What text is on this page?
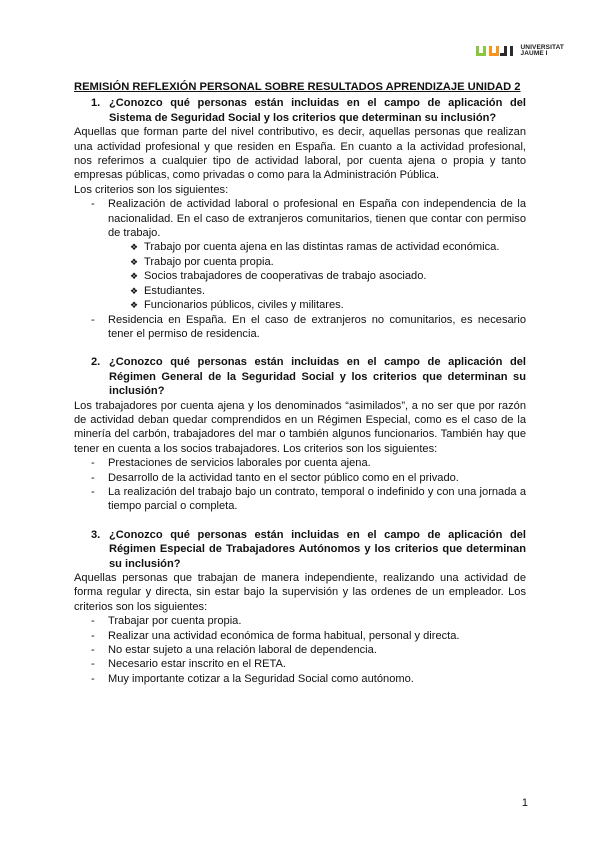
UNIVERSITAT
JAUME I
REMISIÓN REFLEXIÓN PERSONAL SOBRE RESULTADOS APRENDIZAJE UNIDAD 2
1. ¿Conozco qué personas están incluidas en el campo de aplicación del Sistema de Seguridad Social y los criterios que determinan su inclusión?

Aquellas que forman parte del nivel contributivo, es decir, aquellas personas que realizan una actividad profesional y que residen en España. En cuanto a la actividad profesional, nos referimos a cualquier tipo de actividad laboral, por cuenta ajena o propia y tanto empresas públicas, como privadas o como para la Administración Pública.

Los criterios son los siguientes:

-	Realización de actividad laboral o profesional en España con independencia de la nacionalidad. En el caso de extranjeros comunitarios, tienen que contar con permiso de trabajo.
❖ Trabajo por cuenta ajena en las distintas ramas de actividad económica.
❖ Trabajo por cuenta propia.
❖ Socios trabajadores de cooperativas de trabajo asociado.
❖ Estudiantes.
❖ Funcionarios públicos, civiles y militares.
-	Residencia en España. En el caso de extranjeros no comunitarios, es necesario tener el permiso de residencia.
2. ¿Conozco qué personas están incluidas en el campo de aplicación del Régimen General de la Seguridad Social y los criterios que determinan su inclusión?

Los trabajadores por cuenta ajena y los denominados “asimilados”, a no ser que por razón de actividad deban quedar comprendidos en un Régimen Especial, como es el caso de la minería del carbón, trabajadores del mar o también algunos funcionarios. También hay que tener en cuenta a los socios trabajadores. Los criterios son los siguientes:

-	Prestaciones de servicios laborales por cuenta ajena.
-	Desarrollo de la actividad tanto en el sector público como en el privado.
-	La realización del trabajo bajo un contrato, temporal o indefinido y con una jornada a tiempo parcial o completa.
3. ¿Conozco qué personas están incluidas en el campo de aplicación del Régimen Especial de Trabajadores Autónomos y los criterios que determinan su inclusión?

Aquellas personas que trabajan de manera independiente, realizando una actividad de forma regular y directa, sin estar bajo la supervisión y las ordenes de un empleador. Los criterios son los siguientes:

-	Trabajar por cuenta propia.
-	Realizar una actividad económica de forma habitual, personal y directa.
-	No estar sujeto a una relación laboral de dependencia.
-	Necesario estar inscrito en el RETA.
-	Muy importante cotizar a la Seguridad Social como autónomo.
1
